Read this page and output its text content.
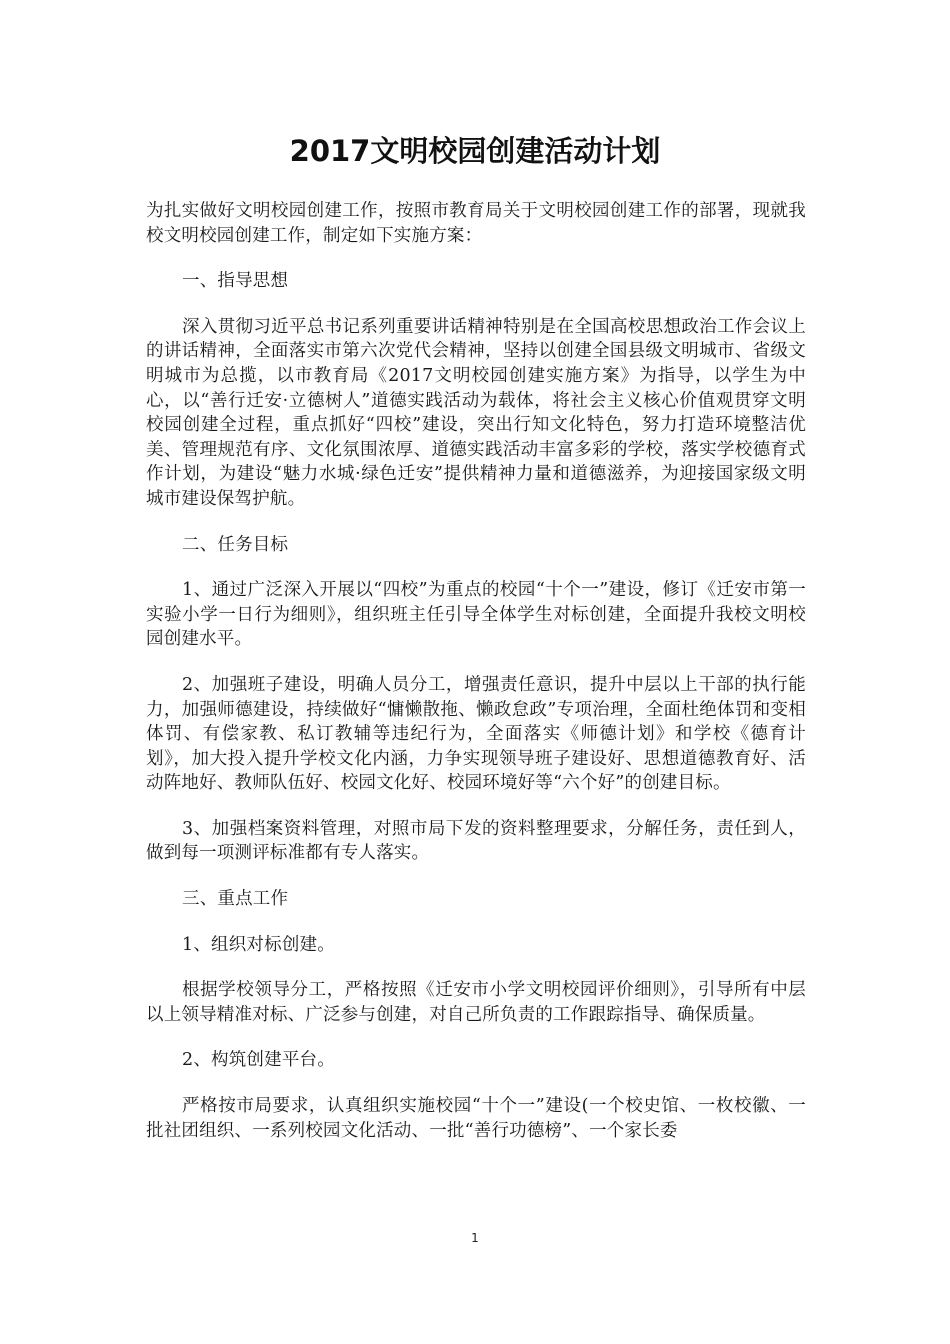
2017文明校园创建活动计划

为扎实做好文明校园创建工作，按照市教育局关于文明校园创建工作的部署，现就我校文明校园创建工作，制定如下实施方案：

一、指导思想

深入贯彻习近平总书记系列重要讲话精神特别是在全国高校思想政治工作会议上的讲话精神，全面落实市第六次党代会精神，坚持以创建全国县级文明城市、省级文明城市为总揽，以市教育局《2017文明校园创建实施方案》为指导，以学生为中心，以“善行迁安·立德树人”道德实践活动为载体，将社会主义核心价值观贯穿文明校园创建全过程，重点抓好“四校”建设，突出行知文化特色，努力打造环境整洁优美、管理规范有序、文化氛围浓厚、道德实践活动丰富多彩的学校，落实学校德育式作计划，为建设“魅力水城·绿色迁安”提供精神力量和道德滋养，为迎接国家级文明城市建设保驾护航。

二、任务目标

1、通过广泛深入开展以“四校”为重点的校园“十个一”建设，修订《迁安市第一实验小学一日行为细则》，组织班主任引导全体学生对标创建，全面提升我校文明校园创建水平。

2、加强班子建设，明确人员分工，增强责任意识，提升中层以上干部的执行能力，加强师德建设，持续做好“慵懒散拖、懒政怠政”专项治理，全面杜绝体罚和变相体罚、有偿家教、私订教辅等违纪行为，全面落实《师德计划》和学校《德育计划》，加大投入提升学校文化内涵，力争实现领导班子建设好、思想道德教育好、活动阵地好、教师队伍好、校园文化好、校园环境好等“六个好”的创建目标。

3、加强档案资料管理，对照市局下发的资料整理要求，分解任务，责任到人，做到每一项测评标准都有专人落实。

三、重点工作

1、组织对标创建。

根据学校领导分工，严格按照《迁安市小学文明校园评价细则》，引导所有中层以上领导精准对标、广泛参与创建，对自己所负责的工作跟踪指导、确保质量。

2、构筑创建平台。

严格按市局要求，认真组织实施校园“十个一”建设(一个校史馆、一枚校徽、一批社团组织、一系列校园文化活动、一批“善行功德榜”、一个家长委

1
